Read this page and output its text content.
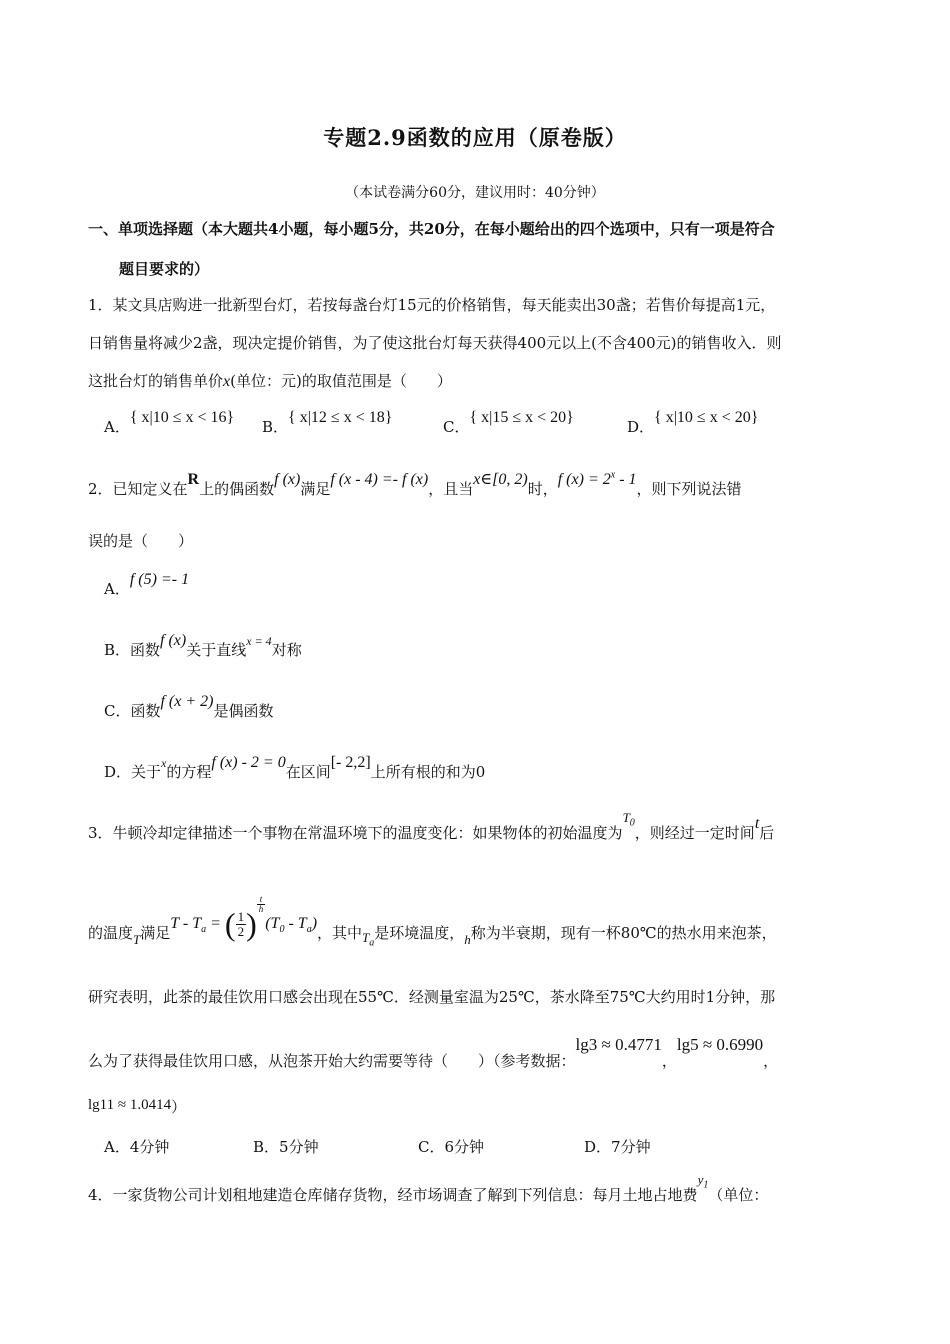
专题2.9函数的应用（原卷版）
（本试卷满分60分，建议用时：40分钟）
一、单项选择题（本大题共4小题，每小题5分，共20分，在每小题给出的四个选项中，只有一项是符合
题目要求的）
1．某文具店购进一批新型台灯，若按每盏台灯15元的价格销售，每天能卖出30盏；若售价每提高1元，
日销售量将减少2盏，现决定提价销售，为了使这批台灯每天获得400元以上(不含400元)的销售收入．则
这批台灯的销售单价x(单位：元)的取值范围是（　　）
A．{ x|10 ≤ x < 16}
B．{ x|12 ≤ x < 18}
C．{ x|15 ≤ x < 20}
D．{ x|10 ≤ x < 20}
2．已知定义在R上的偶函数f (x)满足f (x - 4) =- f (x)，且当x∈[0, 2)时，f $(x) = 2^x - 1$，则下列说法错
误的是（　　）
A．f (5) =- 1
B．函数f (x)关于直线$^{x = 4}$对称
C．函数f (x + 2)是偶函数
D．关于$^x$的方程f (x) - 2 = 0在区间[- 2,2]上所有根的和为0
3．牛顿冷却定律描述一个事物在常温环境下的温度变化：如果物体的初始温度为$T_0$，则经过一定时间t后
的温度T满足T - $T_a$ = ( $\frac{1}{2}$ )
$\frac{t}{h}$
$(T_0 - T_a)$，其中$T_a$是环境温度，h称为半衰期，现有一杯80℃的热水用来泡茶，
研究表明，此茶的最佳饮用口感会出现在55℃．经测量室温为25℃，茶水降至75℃大约用时1分钟，那
么为了获得最佳饮用口感，从泡茶开始大约需要等待（　　）（参考数据：lg3 ≈ 0.4771，lg5 ≈ 0.6990，
lg11 ≈ 1.0414）
A．4分钟	B．5分钟	C．6分钟	D．7分钟
4．一家货物公司计划租地建造仓库储存货物，经市场调查了解到下列信息：每月土地占地费$y_1$（单位：
